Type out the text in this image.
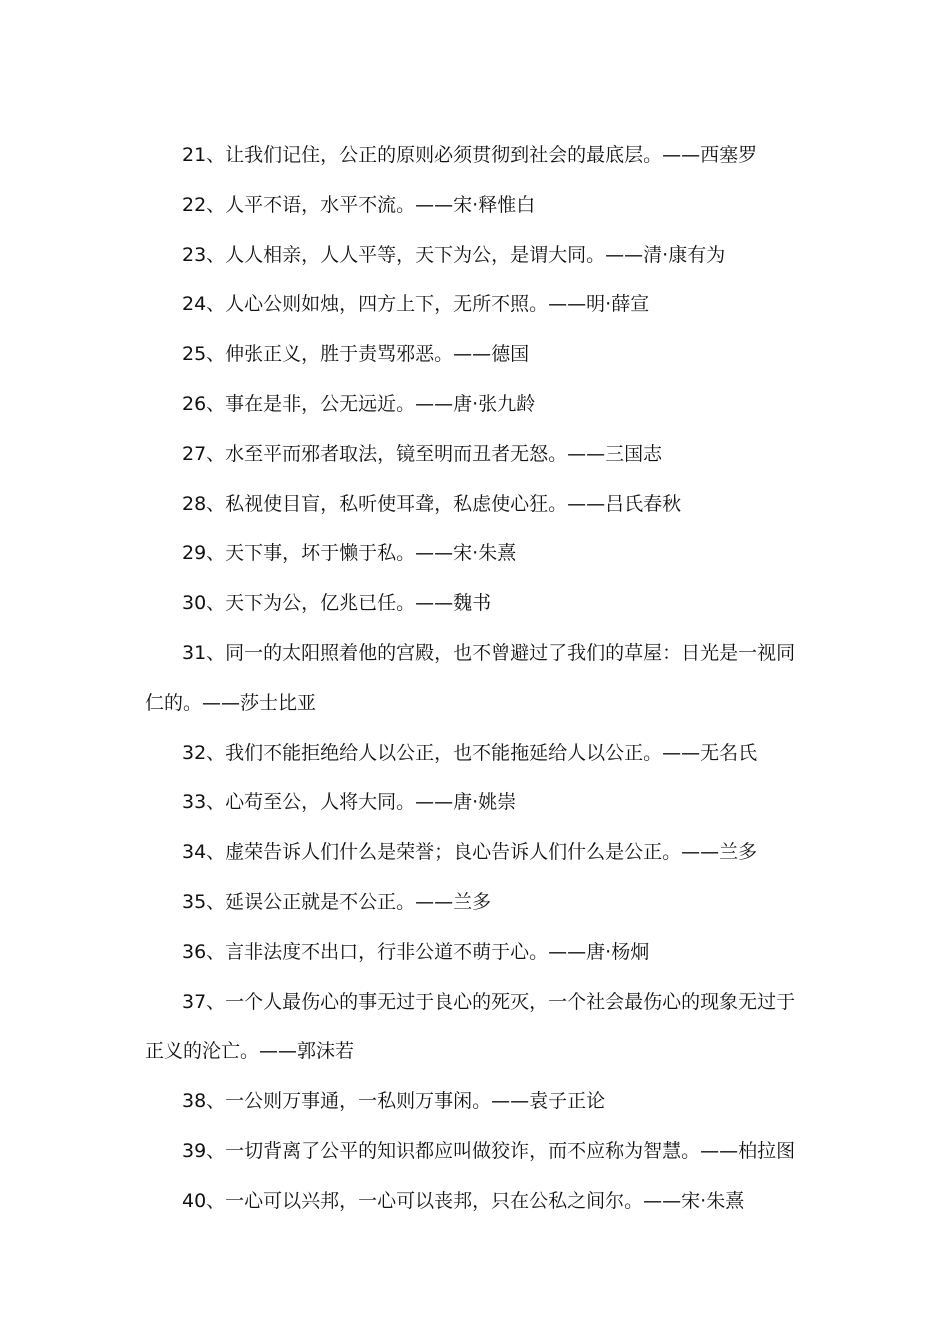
21、让我们记住，公正的原则必须贯彻到社会的最底层。——西塞罗

22、人平不语，水平不流。——宋·释惟白

23、人人相亲，人人平等，天下为公，是谓大同。——清·康有为

24、人心公则如烛，四方上下，无所不照。——明·薛宣

25、伸张正义，胜于责骂邪恶。——德国

26、事在是非，公无远近。——唐·张九龄

27、水至平而邪者取法，镜至明而丑者无怒。——三国志

28、私视使目盲，私听使耳聋，私虑使心狂。——吕氏春秋

29、天下事，坏于懒于私。——宋·朱熹

30、天下为公，亿兆已任。——魏书

31、同一的太阳照着他的宫殿，也不曾避过了我们的草屋：日光是一视同仁的。——莎士比亚

32、我们不能拒绝给人以公正，也不能拖延给人以公正。——无名氏

33、心苟至公，人将大同。——唐·姚崇

34、虚荣告诉人们什么是荣誉；良心告诉人们什么是公正。——兰多

35、延误公正就是不公正。——兰多

36、言非法度不出口，行非公道不萌于心。——唐·杨炯

37、一个人最伤心的事无过于良心的死灭，一个社会最伤心的现象无过于正义的沦亡。——郭沫若

38、一公则万事通，一私则万事闲。——袁子正论

39、一切背离了公平的知识都应叫做狡诈，而不应称为智慧。——柏拉图

40、一心可以兴邦，一心可以丧邦，只在公私之间尔。——宋·朱熹
